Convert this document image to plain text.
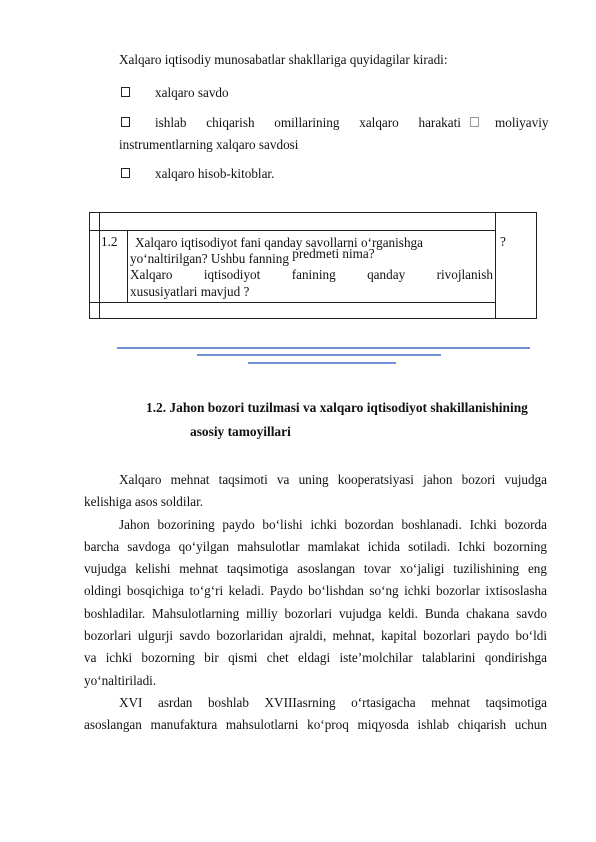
Xalqaro iqtisodiy munosabatlar shakllariga quyidagilar kiradi:
xalqaro savdo
ishlab chiqarish omillarining xalqaro harakati	moliyaviy
instrumentlarning xalqaro savdosi
xalqaro hisob-kitoblar.
1.2 Xalqaro iqtisodiyot fani qanday savollarni o‘rganishga
yo‘naltirilgan? Ushbu fanning predmeti nima?
Xalqaro iqtisodiyot fanining qanday rivojlanish
xususiyatlari mavjud ?
?
1.2. Jahon bozori tuzilmasi va xalqaro iqtisodiyot shakillanishining
asosiy tamoyillari
Xalqaro mehnat taqsimoti va uning kooperatsiyasi jahon bozori vujudga
kelishiga asos soldilar.
Jahon bozorining paydo bo‘lishi ichki bozordan boshlanadi. Ichki bozorda
barcha savdoga qo‘yilgan mahsulotlar mamlakat ichida sotiladi. Ichki bozorning
vujudga kelishi mehnat taqsimotiga asoslangan tovar xo‘jaligi tuzilishining eng
oldingi bosqichiga to‘g‘ri keladi. Paydo bo‘lishdan so‘ng ichki bozorlar ixtisoslasha
boshladilar. Mahsulotlarning milliy bozorlari vujudga keldi. Bunda chakana savdo
bozorlari ulgurji savdo bozorlaridan ajraldi, mehnat, kapital bozorlari paydo bo‘ldi
va ichki bozorning bir qismi chet eldagi iste’molchilar talablarini qondirishga
yo‘naltiriladi.
XVI asrdan boshlab XVIIIasrning o‘rtasigacha mehnat taqsimotiga
asoslangan manufaktura mahsulotlarni ko‘proq miqyosda ishlab chiqarish uchun
